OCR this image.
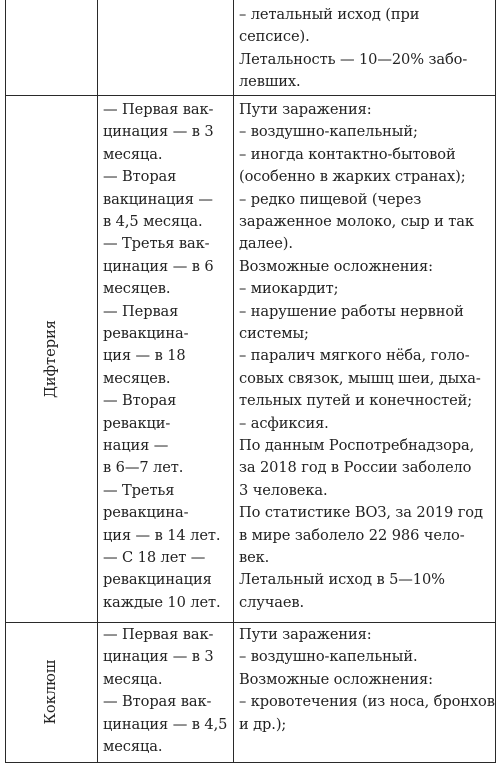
– летальный исход (при
сепсисе).
Летальность — 10—20% забо-
левших.
Дифтерия
— Первая вак-
цинация — в 3
месяца.
— Вторая
вакцинация —
в 4,5 месяца.
— Третья вак-
цинация — в 6
месяцев.
— Первая
ревакцина-
ция — в 18
месяцев.
— Вторая
ревакци-
нация —
в 6—7 лет.
— Третья
ревакцина-
ция — в 14 лет.
— С 18 лет —
ревакцинация
каждые 10 лет.
Пути заражения:
– воздушно-капельный;
– иногда контактно-бытовой
(особенно в жарких странах);
– редко пищевой (через
зараженное молоко, сыр и так
далее).
Возможные осложнения:
– миокардит;
– нарушение работы нервной
системы;
– паралич мягкого нёба, голо-
совых связок, мышц шеи, дыха-
тельных путей и конечностей;
– асфиксия.
По данным Роспотребнадзора,
за 2018 год в России заболело
3 человека.
По статистике ВОЗ, за 2019 год
в мире заболело 22 986 чело-
век.
Летальный исход в 5—10%
случаев.
Коклюш
— Первая вак-
цинация — в 3
месяца.
— Вторая вак-
цинация — в 4,5
месяца.
Пути заражения:
– воздушно-капельный.
Возможные осложнения:
– кровотечения (из носа, бронхов
и др.);
